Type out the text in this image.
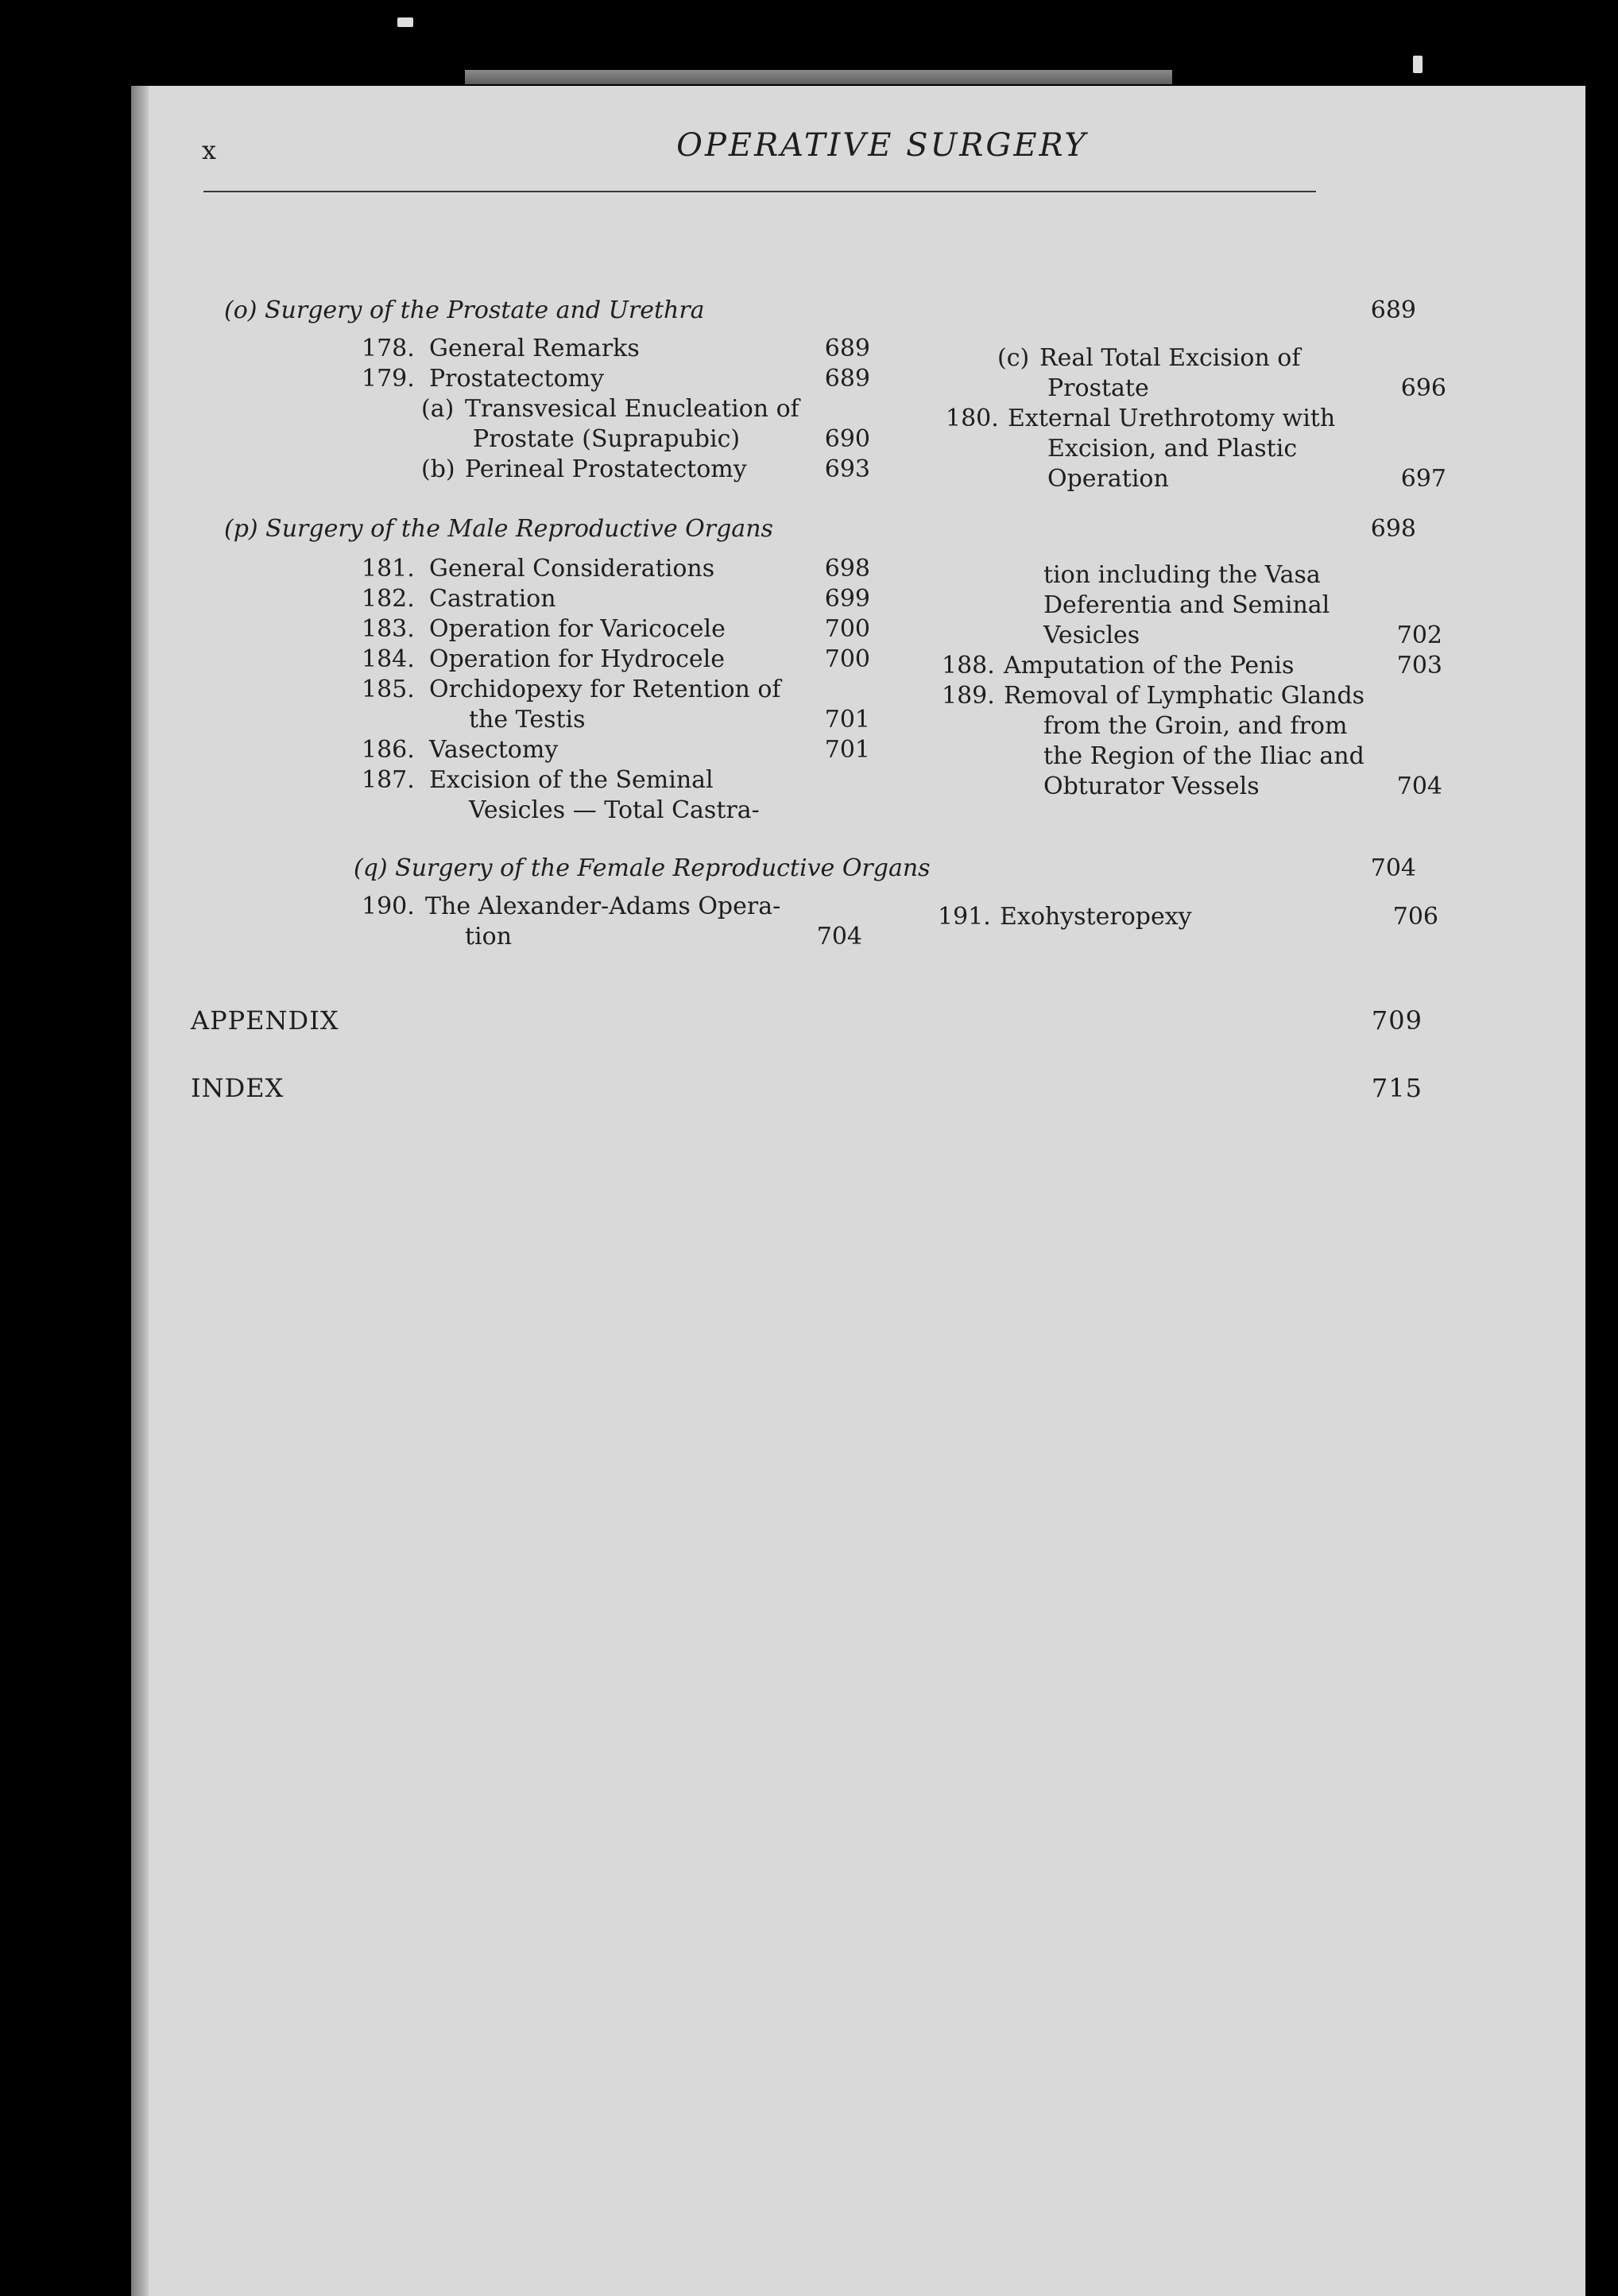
x	OPERATIVE SURGERY
(o) Surgery of the Prostate and Urethra	689
178. General Remarks	689
179. Prostatectomy	689
(a) Transvesical Enucleation of
Prostate (Suprapubic)	690
(b) Perineal Prostatectomy	693
(c) Real Total Excision of
Prostate	696
180. External Urethrotomy with
Excision, and Plastic
Operation	697
(p) Surgery of the Male Reproductive Organs	698
181. General Considerations	698
182. Castration	699
183. Operation for Varicocele	700
184. Operation for Hydrocele	700
185. Orchidopexy for Retention of
the Testis	701
186. Vasectomy	701
187. Excision of the Seminal
Vesicles — Total Castra-
tion including the Vasa
Deferentia and Seminal
Vesicles	702
188. Amputation of the Penis	703
189. Removal of Lymphatic Glands
from the Groin, and from
the Region of the Iliac and
Obturator Vessels	704
(q) Surgery of the Female Reproductive Organs	704
190. The Alexander-Adams Opera-
tion	704
191. Exohysteropexy	706
APPENDIX	709
INDEX	715
